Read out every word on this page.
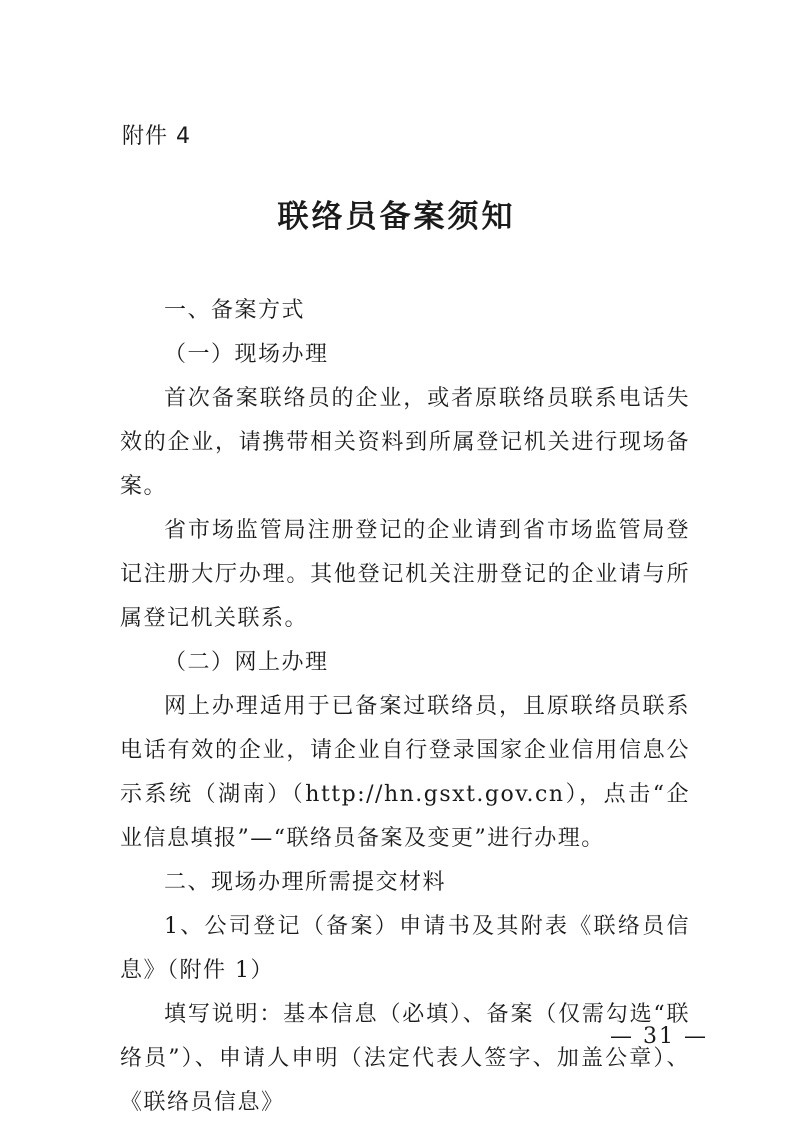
附件 4
联络员备案须知

一、备案方式

（一）现场办理

首次备案联络员的企业，或者原联络员联系电话失效的企业，请携带相关资料到所属登记机关进行现场备案。

省市场监管局注册登记的企业请到省市场监管局登记注册大厅办理。其他登记机关注册登记的企业请与所属登记机关联系。

（二）网上办理

网上办理适用于已备案过联络员，且原联络员联系电话有效的企业，请企业自行登录国家企业信用信息公示系统（湖南）（http://hn.gsxt.gov.cn），点击“企业信息填报”—“联络员备案及变更”进行办理。

二、现场办理所需提交材料

1、公司登记（备案）申请书及其附表《联络员信息》（附件 1）

填写说明：基本信息（必填）、备案（仅需勾选“联络员”）、申请人申明（法定代表人签字、加盖公章）、《联络员信息》

— 31 —
